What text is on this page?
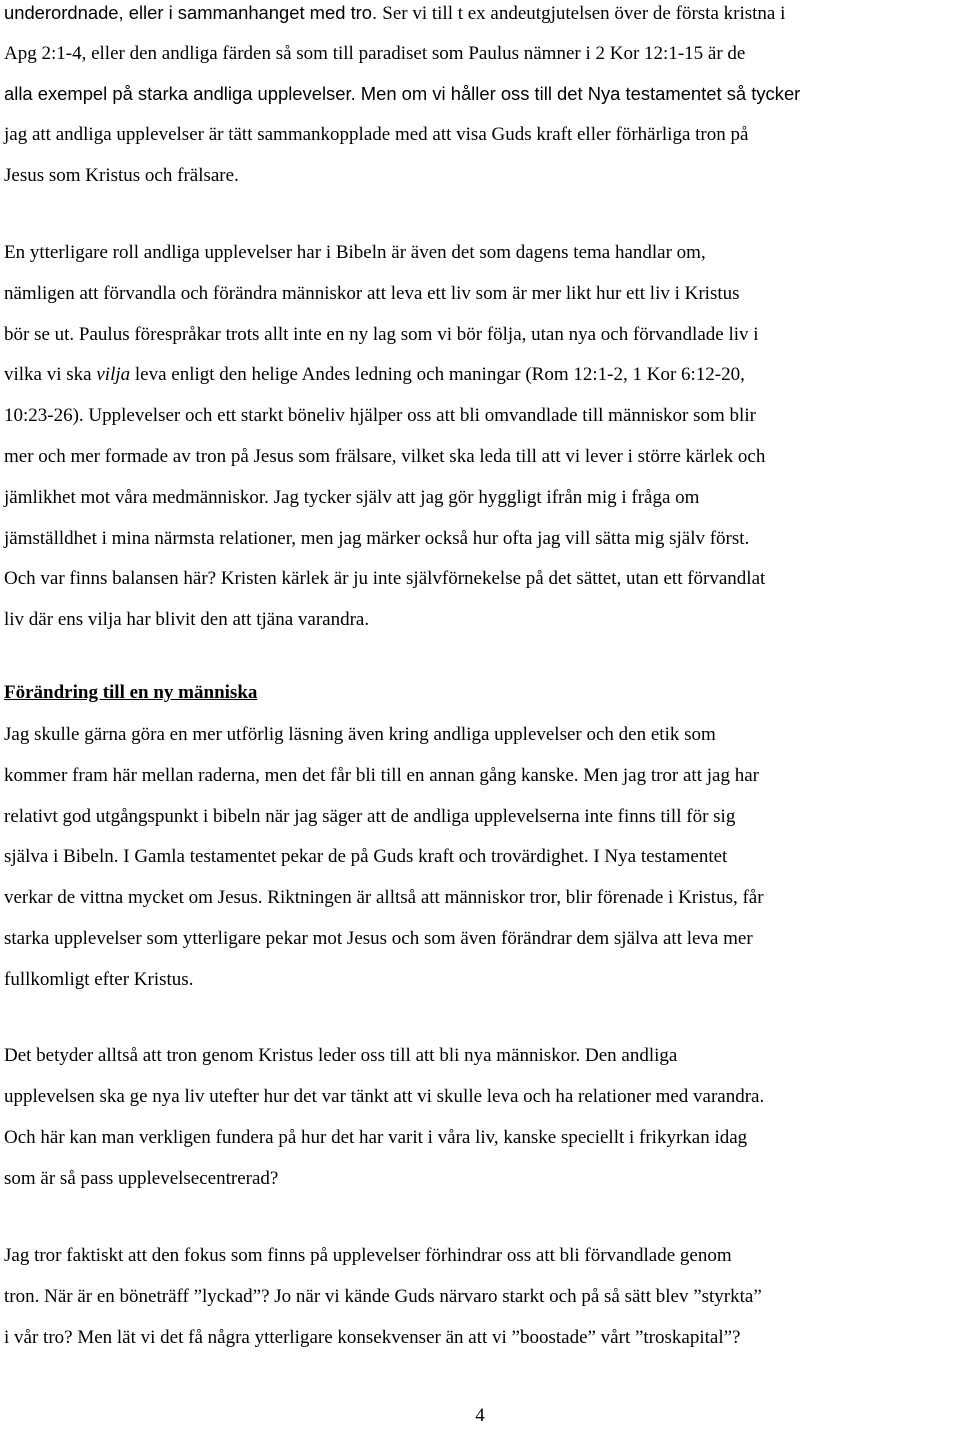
underordnade, eller i sammanhanget med tro. Ser vi till t ex andeutgjutelsen över de första kristna i
Apg 2:1-4, eller den andliga färden så som till paradiset som Paulus nämner i 2 Kor 12:1-15 är de
alla exempel på starka andliga upplevelser. Men om vi håller oss till det Nya testamentet så tycker
jag att andliga upplevelser är tätt sammankopplade med att visa Guds kraft eller förhärliga tron på
Jesus som Kristus och frälsare.

En ytterligare roll andliga upplevelser har i Bibeln är även det som dagens tema handlar om,
nämligen att förvandla och förändra människor att leva ett liv som är mer likt hur ett liv i Kristus
bör se ut. Paulus förespråkar trots allt inte en ny lag som vi bör följa, utan nya och förvandlade liv i
vilka vi ska vilja leva enligt den helige Andes ledning och maningar (Rom 12:1-2, 1 Kor 6:12-20,
10:23-26). Upplevelser och ett starkt böneliv hjälper oss att bli omvandlade till människor som blir
mer och mer formade av tron på Jesus som frälsare, vilket ska leda till att vi lever i större kärlek och
jämlikhet mot våra medmänniskor. Jag tycker själv att jag gör hyggligt ifrån mig i fråga om
jämställdhet i mina närmsta relationer, men jag märker också hur ofta jag vill sätta mig själv först.
Och var finns balansen här? Kristen kärlek är ju inte självförnekelse på det sättet, utan ett förvandlat
liv där ens vilja har blivit den att tjäna varandra.

Förändring till en ny människa

Jag skulle gärna göra en mer utförlig läsning även kring andliga upplevelser och den etik som
kommer fram här mellan raderna, men det får bli till en annan gång kanske. Men jag tror att jag har
relativt god utgångspunkt i bibeln när jag säger att de andliga upplevelserna inte finns till för sig
själva i Bibeln. I Gamla testamentet pekar de på Guds kraft och trovärdighet. I Nya testamentet
verkar de vittna mycket om Jesus. Riktningen är alltså att människor tror, blir förenade i Kristus, får
starka upplevelser som ytterligare pekar mot Jesus och som även förändrar dem själva att leva mer
fullkomligt efter Kristus.

Det betyder alltså att tron genom Kristus leder oss till att bli nya människor. Den andliga
upplevelsen ska ge nya liv utefter hur det var tänkt att vi skulle leva och ha relationer med varandra.
Och här kan man verkligen fundera på hur det har varit i våra liv, kanske speciellt i frikyrkan idag
som är så pass upplevelsecentrerad?

Jag tror faktiskt att den fokus som finns på upplevelser förhindrar oss att bli förvandlade genom
tron. När är en böneträff ”lyckad”? Jo när vi kände Guds närvaro starkt och på så sätt blev ”styrkta”
i vår tro? Men lät vi det få några ytterligare konsekvenser än att vi ”boostade” vårt ”troskapital”?

4
